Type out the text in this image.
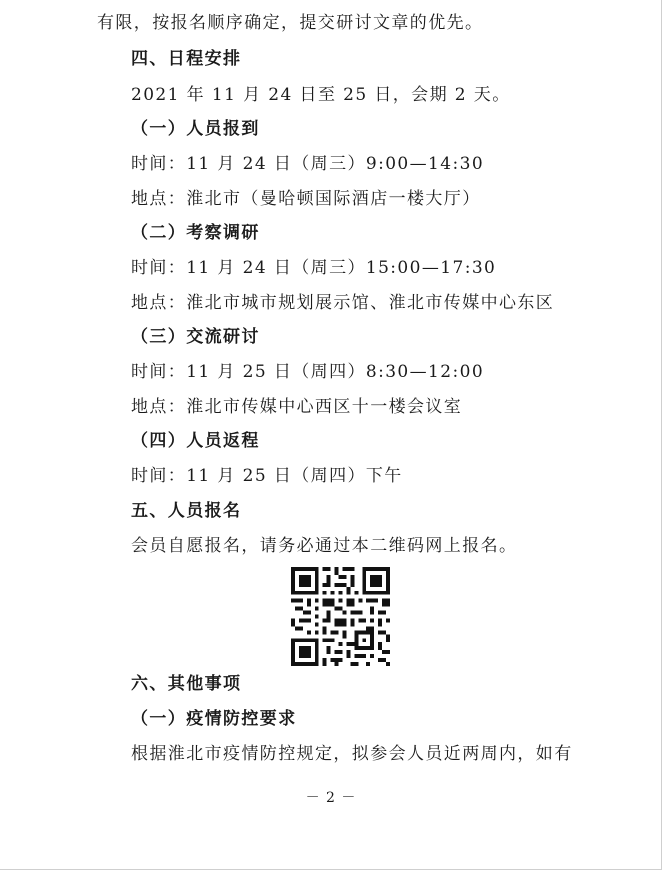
有限，按报名顺序确定，提交研讨文章的优先。
四、日程安排
2021 年 11 月 24 日至 25 日，会期 2 天。
（一）人员报到
时间：11 月 24 日（周三）9:00—14:30
地点：淮北市（曼哈顿国际酒店一楼大厅）
（二）考察调研
时间：11 月 24 日（周三）15:00—17:30
地点：淮北市城市规划展示馆、淮北市传媒中心东区
（三）交流研讨
时间：11 月 25 日（周四）8:30—12:00
地点：淮北市传媒中心西区十一楼会议室
（四）人员返程
时间：11 月 25 日（周四）下午
五、人员报名
会员自愿报名，请务必通过本二维码网上报名。
六、其他事项
（一）疫情防控要求
根据淮北市疫情防控规定，拟参会人员近两周内，如有
－ 2 －
